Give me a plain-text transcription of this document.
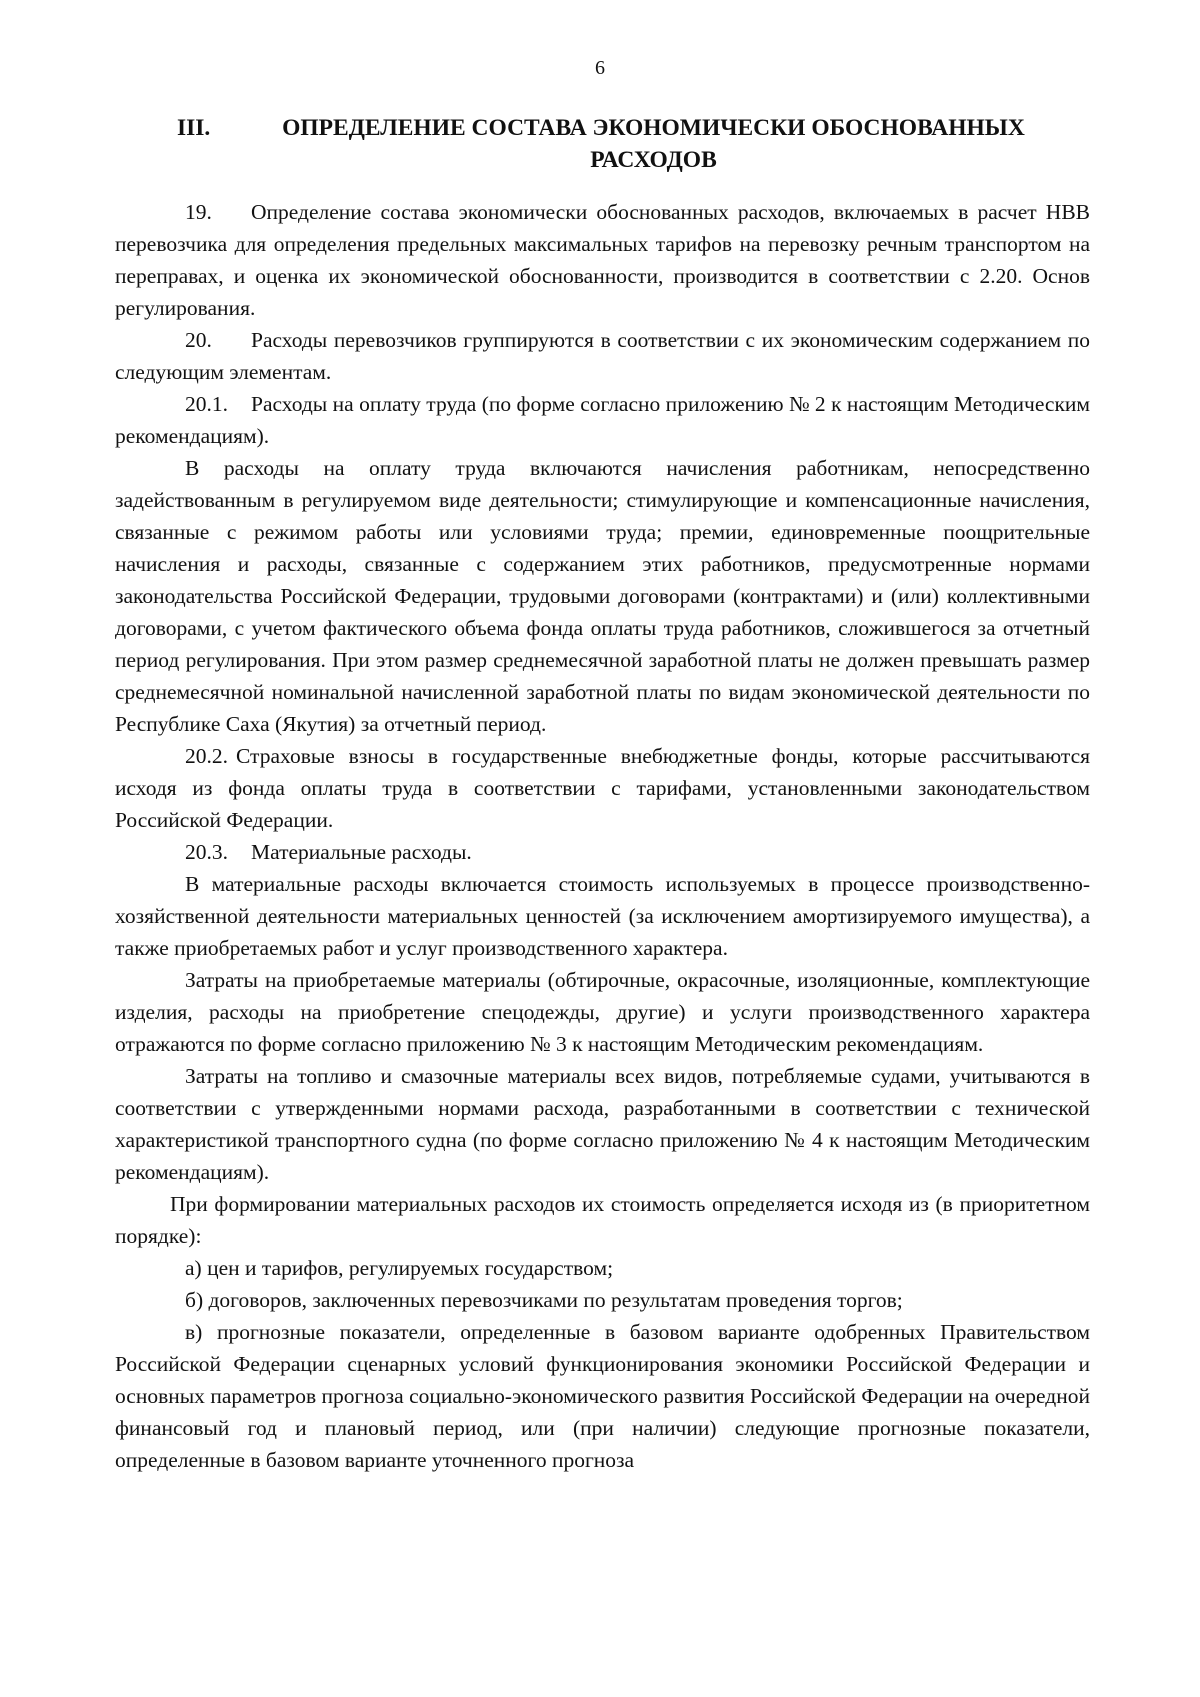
6
III.	ОПРЕДЕЛЕНИЕ СОСТАВА ЭКОНОМИЧЕСКИ ОБОСНОВАННЫХ РАСХОДОВ

19. Определение состава экономически обоснованных расходов, включаемых в расчет НВВ перевозчика для определения предельных максимальных тарифов на перевозку речным транспортом на переправах, и оценка их экономической обоснованности, производится в соответствии с 2.20. Основ регулирования.

20. Расходы перевозчиков группируются в соответствии с их экономическим содержанием по следующим элементам.

20.1. Расходы на оплату труда (по форме согласно приложению № 2 к настоящим Методическим рекомендациям).

В расходы на оплату труда включаются начисления работникам, непосредственно задействованным в регулируемом виде деятельности; стимулирующие и компенсационные начисления, связанные с режимом работы или условиями труда; премии, единовременные поощрительные начисления и расходы, связанные с содержанием этих работников, предусмотренные нормами законодательства Российской Федерации, трудовыми договорами (контрактами) и (или) коллективными договорами, с учетом фактического объема фонда оплаты труда работников, сложившегося за отчетный период регулирования. При этом размер среднемесячной заработной платы не должен превышать размер среднемесячной номинальной начисленной заработной платы по видам экономической деятельности по Республике Саха (Якутия) за отчетный период.

20.2. Страховые взносы в государственные внебюджетные фонды, которые рассчитываются исходя из фонда оплаты труда в соответствии с тарифами, установленными законодательством Российской Федерации.

20.3. Материальные расходы.

В материальные расходы включается стоимость используемых в процессе производственно-хозяйственной деятельности материальных ценностей (за исключением амортизируемого имущества), а также приобретаемых работ и услуг производственного характера.

Затраты на приобретаемые материалы (обтирочные, окрасочные, изоляционные, комплектующие изделия, расходы на приобретение спецодежды, другие) и услуги производственного характера отражаются по форме согласно приложению № 3 к настоящим Методическим рекомендациям.

Затраты на топливо и смазочные материалы всех видов, потребляемые судами, учитываются в соответствии с утвержденными нормами расхода, разработанными в соответствии с технической характеристикой транспортного судна (по форме согласно приложению № 4 к настоящим Методическим рекомендациям).

При формировании материальных расходов их стоимость определяется исходя из (в приоритетном порядке):

а) цен и тарифов, регулируемых государством;

б) договоров, заключенных перевозчиками по результатам проведения торгов;

в) прогнозные показатели, определенные в базовом варианте одобренных Правительством Российской Федерации сценарных условий функционирования экономики Российской Федерации и основных параметров прогноза социально-экономического развития Российской Федерации на очередной финансовый год и плановый период, или (при наличии) следующие прогнозные показатели, определенные в базовом варианте уточненного прогноза
